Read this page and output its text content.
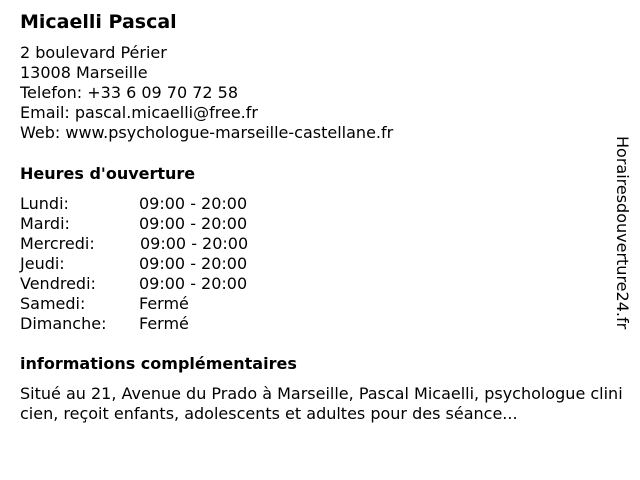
Micaelli Pascal
2 boulevard Périer
13008 Marseille
Telefon: +33 6 09 70 72 58
Email: pascal.micaelli@free.fr
Web: www.psychologue-marseille-castellane.fr
Heures d'ouverture
Lundi:	09:00 - 20:00
Mardi:	09:00 - 20:00
Mercredi:	09:00 - 20:00
Jeudi:	09:00 - 20:00
Vendredi:	09:00 - 20:00
Samedi:	Fermé
Dimanche: Fermé
informations complémentaires
Situé au 21, Avenue du Prado à Marseille, Pascal Micaelli, psychologue clinicien, reçoit enfants, adolescents et adultes pour des séance...
Horairesdouverture24.fr
